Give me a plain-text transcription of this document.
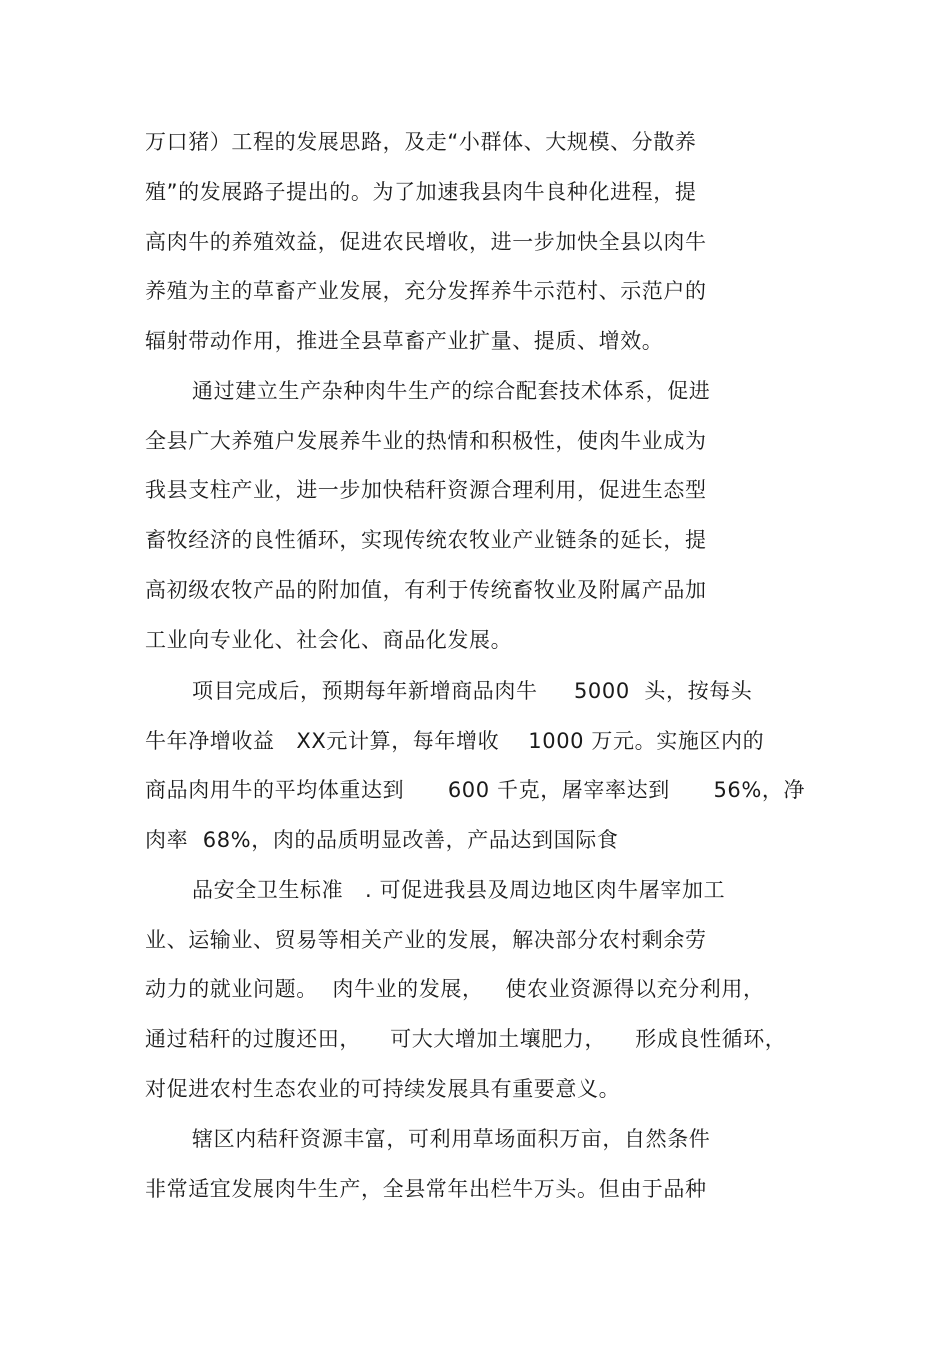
万口猪）工程的发展思路，及走“小群体、大规模、分散养
殖”的发展路子提出的。为了加速我县肉牛良种化进程，提
高肉牛的养殖效益，促进农民增收，进一步加快全县以肉牛
养殖为主的草畜产业发展，充分发挥养牛示范村、示范户的
辐射带动作用，推进全县草畜产业扩量、提质、增效。
通过建立生产杂种肉牛生产的综合配套技术体系，促进
全县广大养殖户发展养牛业的热情和积极性，使肉牛业成为
我县支柱产业，进一步加快秸秆资源合理利用，促进生态型
畜牧经济的良性循环，实现传统农牧业产业链条的延长，提
高初级农牧产品的附加值，有利于传统畜牧业及附属产品加
工业向专业化、社会化、商品化发展。
项目完成后，预期每年新增商品肉牛     5000  头，按每头
牛年净增收益   XX元计算，每年增收    1000 万元。实施区内的
商品肉用牛的平均体重达到      600 千克，屠宰率达到      56%，净
肉率  68%，肉的品质明显改善，产品达到国际食
品安全卫生标准   . 可促进我县及周边地区肉牛屠宰加工
业、运输业、贸易等相关产业的发展，解决部分农村剩余劳
动力的就业问题。  肉牛业的发展，   使农业资源得以充分利用，
通过秸秆的过腹还田，    可大大增加土壤肥力，    形成良性循环，
对促进农村生态农业的可持续发展具有重要意义。
辖区内秸秆资源丰富，可利用草场面积万亩，自然条件
非常适宜发展肉牛生产，全县常年出栏牛万头。但由于品种
